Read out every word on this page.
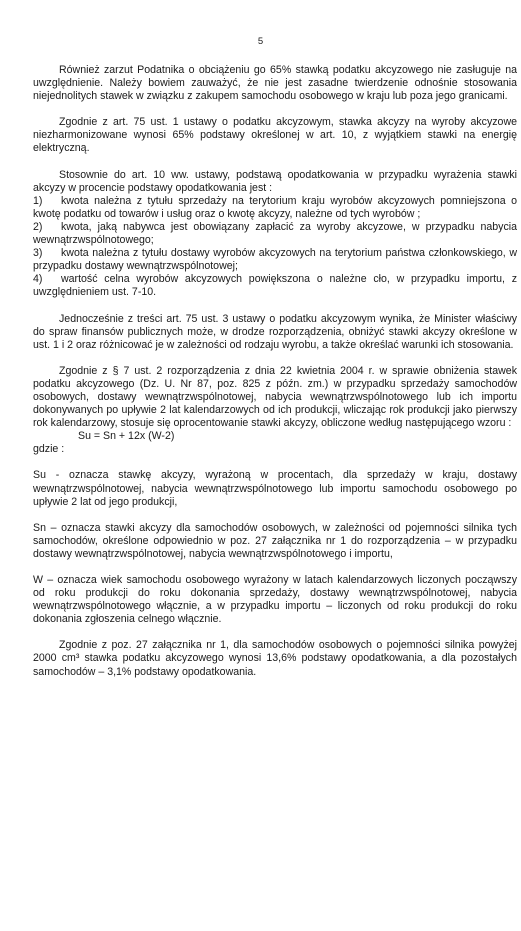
5

Również zarzut Podatnika o obciążeniu go 65% stawką podatku akcyzowego nie zasługuje na uwzględnienie. Należy bowiem zauważyć, że nie jest zasadne twierdzenie odnośnie stosowania niejednolitych stawek w związku z zakupem samochodu osobowego w kraju lub poza jego granicami.

Zgodnie z art. 75 ust. 1 ustawy o podatku akcyzowym, stawka akcyzy na wyroby akcyzowe niezharmonizowane wynosi 65% podstawy określonej w art. 10, z wyjątkiem stawki na energię elektryczną.

Stosownie do art. 10 ww. ustawy, podstawą opodatkowania w przypadku wyrażenia stawki akcyzy w procencie podstawy opodatkowania jest :

1) kwota należna z tytułu sprzedaży na terytorium kraju wyrobów akcyzowych pomniejszona o kwotę podatku od towarów i usług oraz o kwotę akcyzy, należne od tych wyrobów ;

2) kwota, jaką nabywca jest obowiązany zapłacić za wyroby akcyzowe, w przypadku nabycia wewnątrzwspólnotowego;

3) kwota należna z tytułu dostawy wyrobów akcyzowych na terytorium państwa członkowskiego, w przypadku dostawy wewnątrzwspólnotowej;

4) wartość celna wyrobów akcyzowych powiększona o należne cło, w przypadku importu, z uwzględnieniem ust. 7-10.

Jednocześnie z treści art. 75 ust. 3 ustawy o podatku akcyzowym wynika, że Minister właściwy do spraw finansów publicznych może, w drodze rozporządzenia, obniżyć stawki akcyzy określone w ust. 1 i 2 oraz różnicować je w zależności od rodzaju wyrobu, a także określać warunki ich stosowania.

Zgodnie z § 7 ust. 2 rozporządzenia z dnia 22 kwietnia 2004 r. w sprawie obniżenia stawek podatku akcyzowego (Dz. U. Nr 87, poz. 825 z późn. zm.) w przypadku sprzedaży samochodów osobowych, dostawy wewnątrzwspólnotowej, nabycia wewnątrzwspólnotowego lub ich importu dokonywanych po upływie 2 lat kalendarzowych od ich produkcji, wliczając rok produkcji jako pierwszy rok kalendarzowy, stosuje się oprocentowanie stawki akcyzy, obliczone według następującego wzoru :

Su = Sn + 12x (W-2)

gdzie :

Su - oznacza stawkę akcyzy, wyrażoną w procentach, dla sprzedaży w kraju, dostawy wewnątrzwspólnotowej, nabycia wewnątrzwspólnotowego lub importu samochodu osobowego po upływie 2 lat od jego produkcji,

Sn – oznacza stawki akcyzy dla samochodów osobowych, w zależności od pojemności silnika tych samochodów, określone odpowiednio w poz. 27 załącznika nr 1 do rozporządzenia – w przypadku dostawy wewnątrzwspólnotowej, nabycia wewnątrzwspólnotowego i importu,

W – oznacza wiek samochodu osobowego wyrażony w latach kalendarzowych liczonych począwszy od roku produkcji do roku dokonania sprzedaży, dostawy wewnątrzwspólnotowej, nabycia wewnątrzwspólnotowego włącznie, a w przypadku importu – liczonych od roku produkcji do roku dokonania zgłoszenia celnego włącznie.

Zgodnie z poz. 27 załącznika nr 1, dla samochodów osobowych o pojemności silnika powyżej 2000 cm³ stawka podatku akcyzowego wynosi 13,6% podstawy opodatkowania, a dla pozostałych samochodów – 3,1% podstawy opodatkowania.
